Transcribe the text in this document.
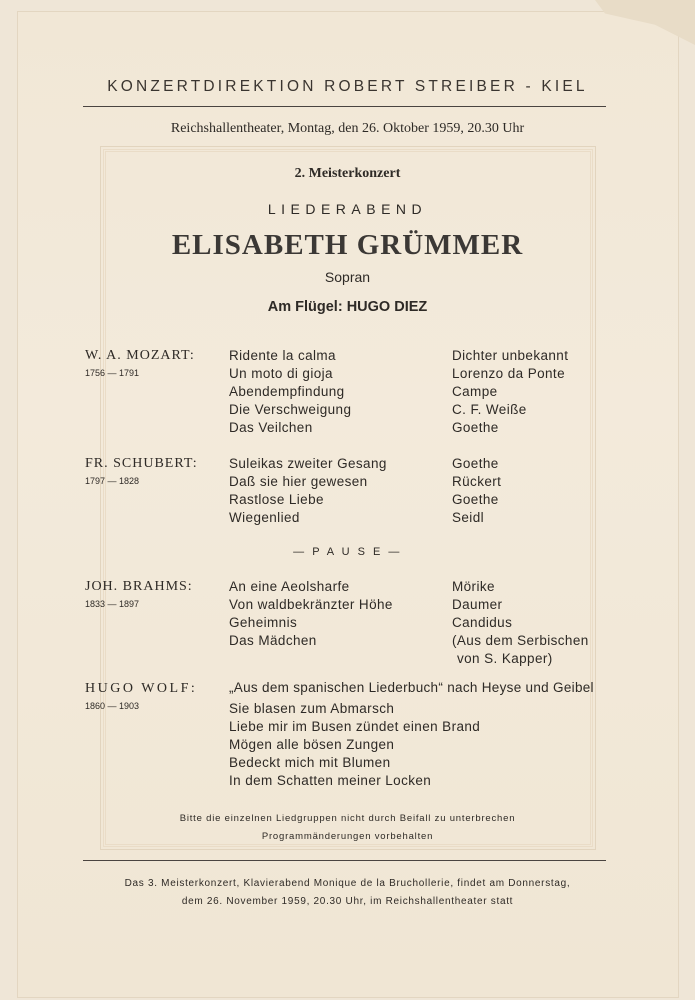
KONZERTDIREKTION ROBERT STREIBER - KIEL
Reichshallentheater, Montag, den 26. Oktober 1959, 20.30 Uhr
2. Meisterkonzert
LIEDERABEND
ELISABETH GRÜMMER
Sopran
Am Flügel: HUGO DIEZ
W. A. MOZART:
1756 — 1791
Ridente la calma
Un moto di gioja
Abendempfindung
Die Verschweigung
Das Veilchen
Dichter unbekannt
Lorenzo da Ponte
Campe
C. F. Weiße
Goethe
FR. SCHUBERT:
1797 — 1828
Suleikas zweiter Gesang
Daß sie hier gewesen
Rastlose Liebe
Wiegenlied
Goethe
Rückert
Goethe
Seidl
— P A U S E —
JOH. BRAHMS:
1833 — 1897
An eine Aeolsharfe
Von waldbekränzter Höhe
Geheimnis
Das Mädchen
Mörike
Daumer
Candidus
(Aus dem Serbischen
von S. Kapper)
HUGO WOLF:
1860 — 1903
„Aus dem spanischen Liederbuch“ nach Heyse und Geibel
Sie blasen zum Abmarsch
Liebe mir im Busen zündet einen Brand
Mögen alle bösen Zungen
Bedeckt mich mit Blumen
In dem Schatten meiner Locken
Bitte die einzelnen Liedgruppen nicht durch Beifall zu unterbrechen
Programmänderungen vorbehalten
Das 3. Meisterkonzert, Klavierabend Monique de la Bruchollerie, findet am Donnerstag,
dem 26. November 1959, 20.30 Uhr, im Reichshallentheater statt
